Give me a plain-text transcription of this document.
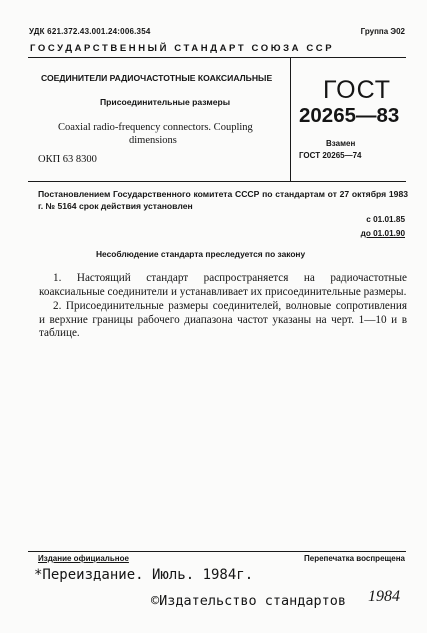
УДК 621.372.43.001.24:006.354	Группа Э02
ГОСУДАРСТВЕННЫЙ СТАНДАРТ СОЮЗА ССР
СОЕДИНИТЕЛИ РАДИОЧАСТОТНЫЕ КОАКСИАЛЬНЫЕ
Присоединительные размеры
Coaxial radio-frequency connectors. Coupling
dimensions
ОКП 63 8300
ГОСТ
20265—83
Взамен
ГОСТ 20265—74

Постановлением Государственного комитета СССР по стандартам от 27 октября 1983 г. № 5164 срок действия установлен

с 01.01.85
до 01.01.90
Несоблюдение стандарта преследуется по закону

1. Настоящий стандарт распространяется на радиочастотные коаксиальные соединители и устанавливает их присоединительные размеры.

2. Присоединительные размеры соединителей, волновые сопротивления и верхние границы рабочего диапазона частот указаны на черт. 1—10 и в таблице.

Издание официальное	Перепечатка воспрещена
*Переиздание. Июль. 1984г.
©Издательство стандартов 1984
